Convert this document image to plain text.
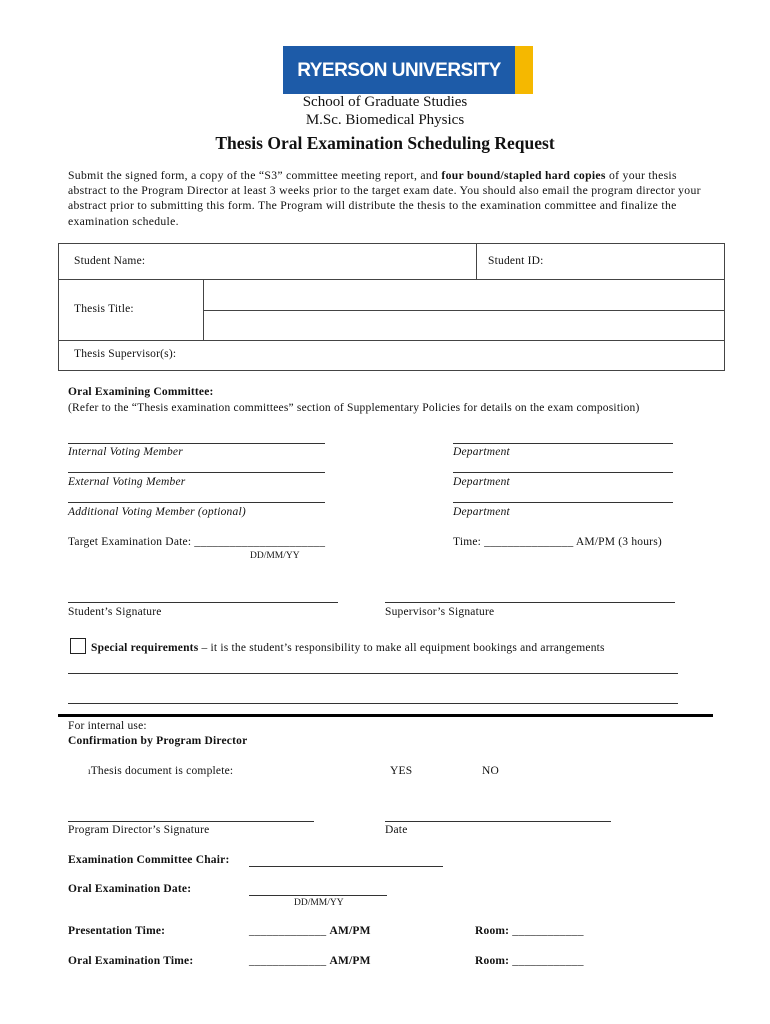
RYERSON UNIVERSITY
School of Graduate Studies
M.Sc. Biomedical Physics
Thesis Oral Examination Scheduling Request
Submit the signed form, a copy of the “S3” committee meeting report, and four bound/stapled hard copies of your thesis abstract to the Program Director at least 3 weeks prior to the target exam date. You should also email the program director your abstract prior to submitting this form. The Program will distribute the thesis to the examination committee and finalize the examination schedule.
Student Name:	Student ID:
Thesis Title:
Thesis Supervisor(s):
Oral Examining Committee:
(Refer to the “Thesis examination committees” section of Supplementary Policies for details on the exam composition)
Internal Voting Member	Department
External Voting Member	Department
Additional Voting Member (optional)	Department
Target Examination Date: ______________________
DD/MM/YY
Time: _______________ AM/PM (3 hours)
Student’s Signature	Supervisor’s Signature
Special requirements – it is the student’s responsibility to make all equipment bookings and arrangements
For internal use:
Confirmation by Program Director
ıThesis document is complete:	YES	NO
Program Director’s Signature	Date
Examination Committee Chair:
Oral Examination Date:
DD/MM/YY
Presentation Time:	_____________ AM/PM	Room: ____________
Oral Examination Time:	_____________ AM/PM	Room: ____________
